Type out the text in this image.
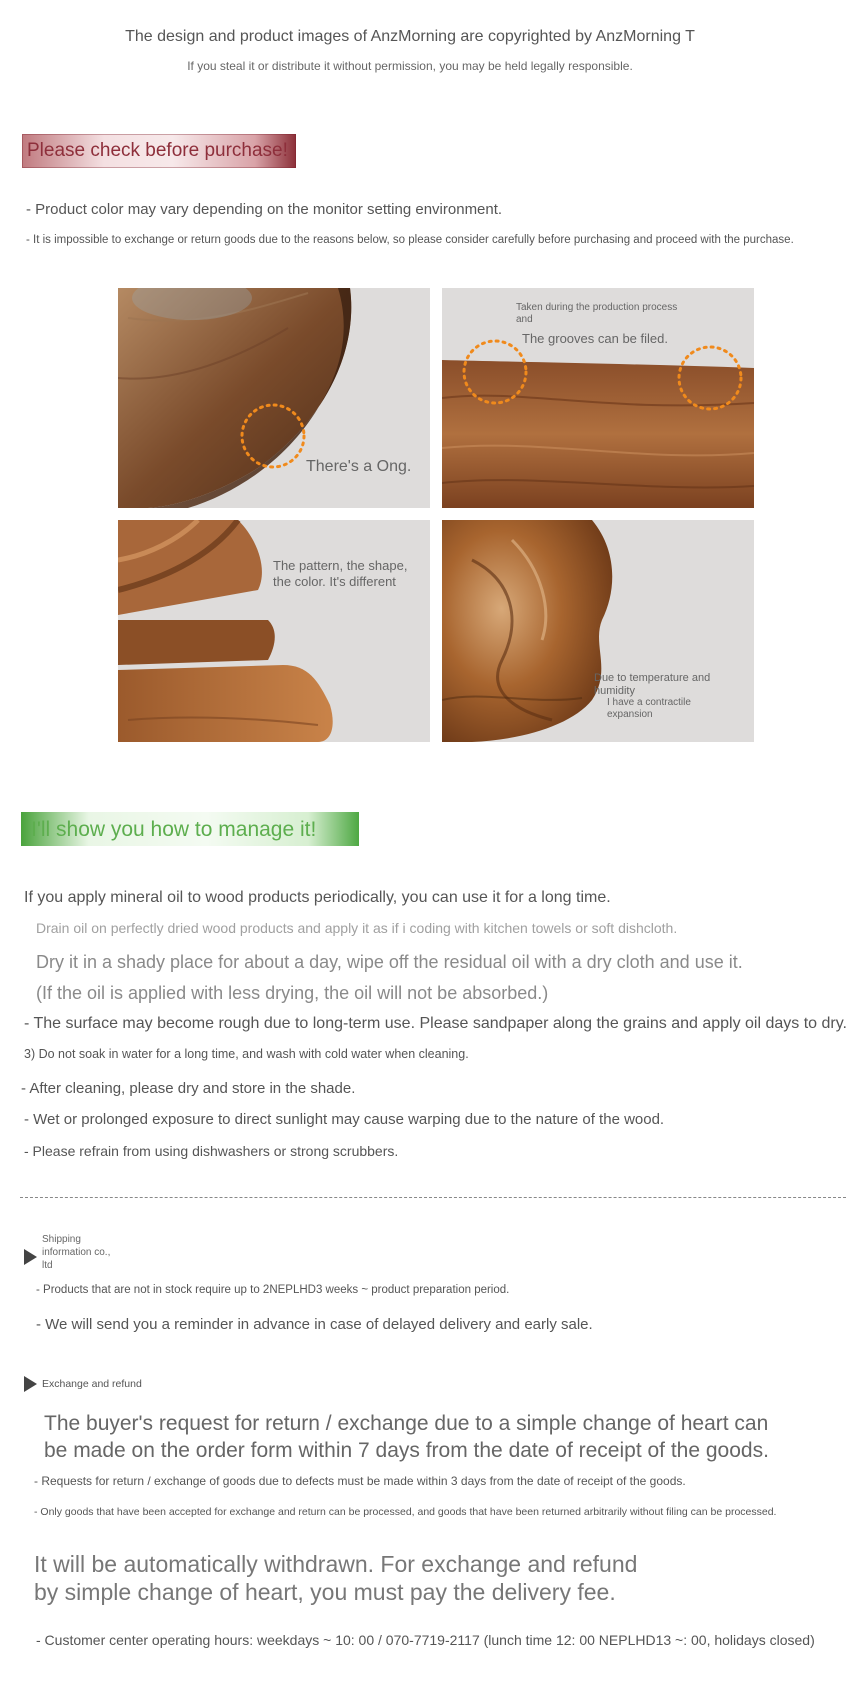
The design and product images of AnzMorning are copyrighted by AnzMorning T
If you steal it or distribute it without permission, you may be held legally responsible.
Please check before purchase!
- Product color may vary depending on the monitor setting environment.
- It is impossible to exchange or return goods due to the reasons below, so please consider carefully before purchasing and proceed with the purchase.
There's a Ong.
Taken during the production process
and
The grooves can be filed.
The pattern, the shape,
the color. It's different
Due to temperature and
humidity
I have a contractile
expansion
I'll show you how to manage it!
If you apply mineral oil to wood products periodically, you can use it for a long time.
Drain oil on perfectly dried wood products and apply it as if i coding with kitchen towels or soft dishcloth.
Dry it in a shady place for about a day, wipe off the residual oil with a dry cloth and use it.
(If the oil is applied with less drying, the oil will not be absorbed.)
- The surface may become rough due to long-term use. Please sandpaper along the grains and apply oil days to dry.
3) Do not soak in water for a long time, and wash with cold water when cleaning.
- After cleaning, please dry and store in the shade.
- Wet or prolonged exposure to direct sunlight may cause warping due to the nature of the wood.
- Please refrain from using dishwashers or strong scrubbers.
Shipping information co., ltd
- Products that are not in stock require up to 2NEPLHD3 weeks ~ product preparation period.
- We will send you a reminder in advance in case of delayed delivery and early sale.
Exchange and refund
The buyer's request for return / exchange due to a simple change of heart can
be made on the order form within 7 days from the date of receipt of the goods.
- Requests for return / exchange of goods due to defects must be made within 3 days from the date of receipt of the goods.
- Only goods that have been accepted for exchange and return can be processed, and goods that have been returned arbitrarily without filing can be processed.
It will be automatically withdrawn. For exchange and refund
by simple change of heart, you must pay the delivery fee.
- Customer center operating hours: weekdays ~ 10: 00 / 070-7719-2117 (lunch time 12: 00 NEPLHD13 ~: 00, holidays closed)
